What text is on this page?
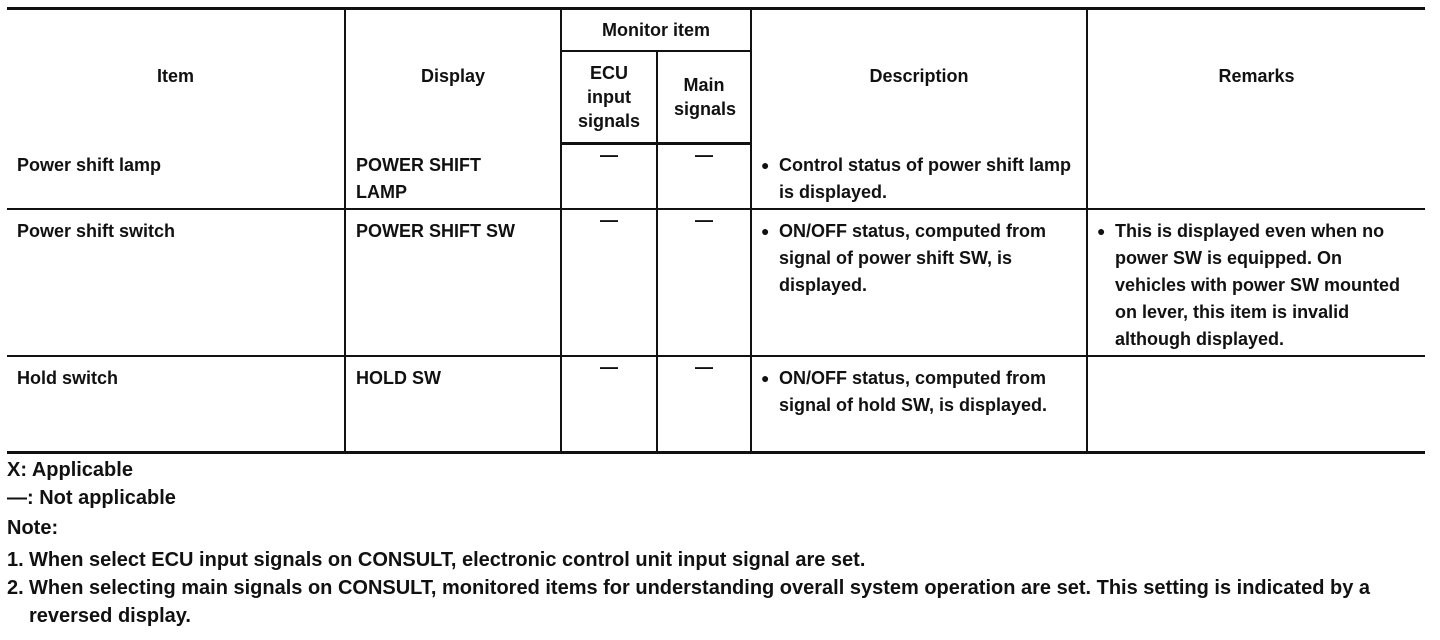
Item	Display	Monitor item		Description	Remarks
		ECU input signals	Main signals		

Power shift lamp	POWER SHIFT LAMP	—	—	● Control status of power shift lamp is displayed.	

Power shift switch	POWER SHIFT SW	—	—	● ON/OFF status, computed from signal of power shift SW, is displayed.	● This is displayed even when no power SW is equipped. On vehicles with power SW mounted on lever, this item is invalid although displayed.

Hold switch	HOLD SW	—	—	● ON/OFF status, computed from signal of hold SW, is displayed.	

X: Applicable
—: Not applicable
Note:
1. When select ECU input signals on CONSULT, electronic control unit input signal are set.
2. When selecting main signals on CONSULT, monitored items for understanding overall system operation are set. This setting is indicated by a reversed display.
